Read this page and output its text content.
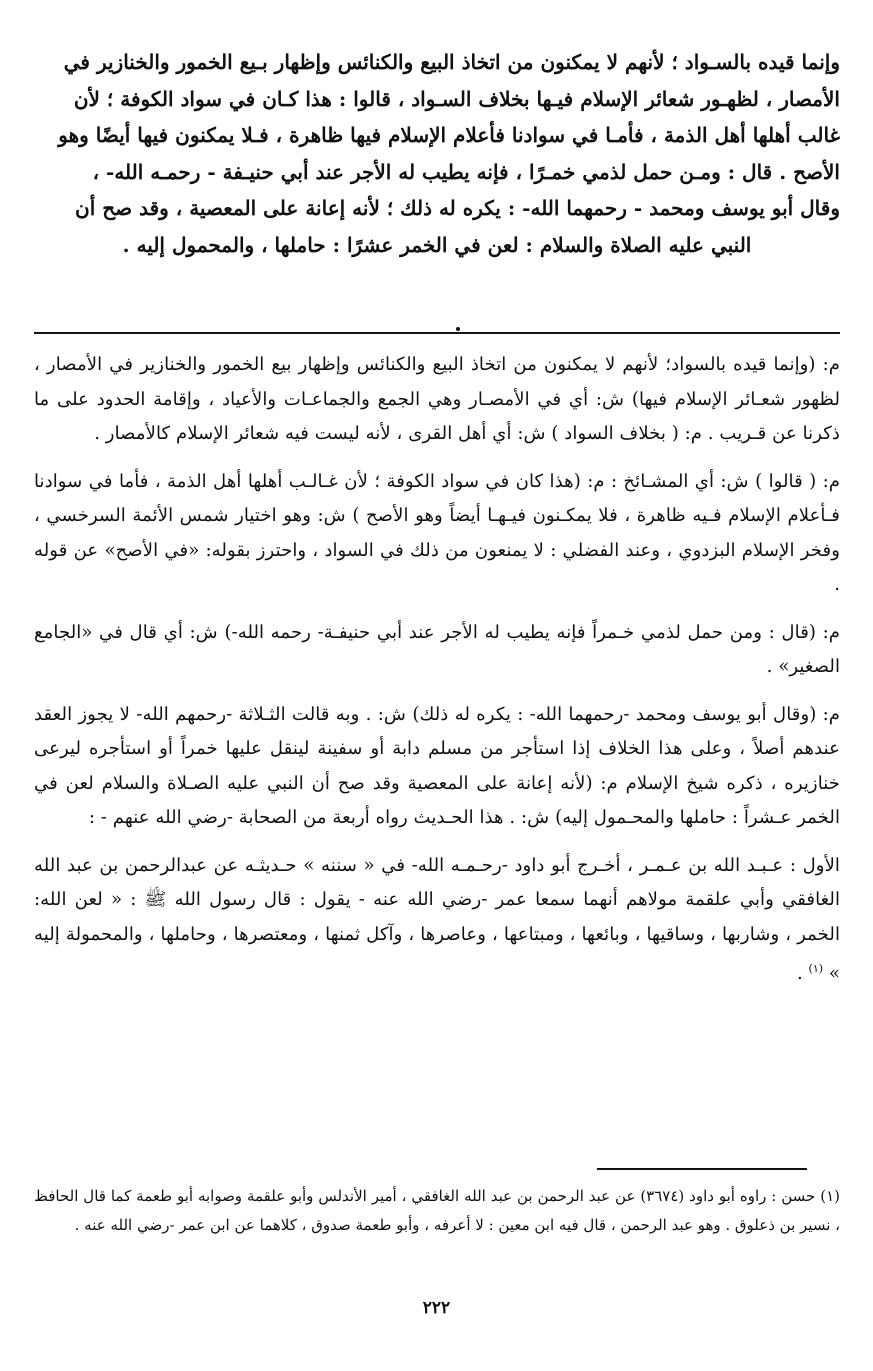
وإنما قيده بالسـواد ؛ لأنهم لا يمكنون من اتخاذ البيع والكنائس وإظهار بـيع الخمور والخنازير في

الأمصار ، لظهـور شعائر الإسلام فيـها بخلاف السـواد ، قالوا : هذا كـان في سواد الكوفة ؛ لأن

غالب أهلها أهل الذمة ، فأمـا في سوادنا فأعلام الإسلام فيها ظاهرة ، فـلا يمكنون فيها أيضًا وهو

الأصح . قال : ومـن حمل لذمي خمـرًا ، فإنه يطيب له الأجر عند أبي حنيـفة - رحمـه الله- ،

وقال أبو يوسف ومحمد - رحمهما الله- : يكره له ذلك ؛ لأنه إعانة على المعصية ، وقد صح أن

النبي عليه الصلاة والسلام : لعن في الخمر عشرًا : حاملها ، والمحمول إليه .

م: (وإنما قيده بالسواد؛ لأنهم لا يمكنون من اتخاذ البيع والكنائس وإظهار بيع الخمور والخنازير في الأمصار ، لظهور شعـائر الإسلام فيها) ش: أي في الأمصـار وهي الجمع والجماعـات والأعياد ، وإقامة الحدود على ما ذكرنا عن قـريب . م: ( بخلاف السواد ) ش: أي أهل القرى ، لأنه ليست فيه شعائر الإسلام كالأمصار .

م: ( قالوا ) ش: أي المشـائخ : م: (هذا كان في سواد الكوفة ؛ لأن غـالـب أهلها أهل الذمة ، فأما في سوادنا فـأعلام الإسلام فـيه ظاهرة ، فلا يمكـنون فيـهـا أيضاً وهو الأصح ) ش: وهو اختيار شمس الأئمة السرخسي ، وفخر الإسلام البزدوي ، وعند الفضلي : لا يمنعون من ذلك في السواد ، واحترز بقوله: «في الأصح» عن قوله .

م: (قال : ومن حمل لذمي خـمراً فإنه يطيب له الأجر عند أبي حنيفـة- رحمه الله-) ش: أي قال في «الجامع الصغير» .

م: (وقال أبو يوسف ومحمد -رحمهما الله- : يكره له ذلك) ش: . وبه قالت الثـلاثة -رحمهم الله- لا يجوز العقد عندهم أصلاً ، وعلى هذا الخلاف إذا استأجر من مسلم دابة أو سفينة لينقل عليها خمراً أو استأجره ليرعى خنازيره ، ذكره شيخ الإسلام م: (لأنه إعانة على المعصية وقد صح أن النبي عليه الصـلاة والسلام لعن في الخمر عـشراً : حاملها والمحـمول إليه) ش: . هذا الحـديث رواه أربعة من الصحابة -رضي الله عنهم - :

الأول : عـبـد الله بن عـمـر ، أخـرج أبو داود -رحـمـه الله- في « سننه » حـديثـه عن عبدالرحمن بن عبد الله الغافقي وأبي علقمة مولاهم أنهما سمعا عمر -رضي الله عنه - يقول : قال رسول الله ﷺ : « لعن الله: الخمر ، وشاربها ، وساقيها ، وبائعها ، ومبتاعها ، وعاصرها ، وآكل ثمنها ، ومعتصرها ، وحاملها ، والمحمولة إليه » $^{(١)}$ .

(١) حسن : راوه أبو داود (٣٦٧٤) عن عبد الرحمن بن عبد الله الغافقي ، أمير الأندلس وأبو علقمة وصوابه أبو طعمة كما قال الحافظ ، نسير بن ذعلوق . وهو عبد الرحمن ، قال فيه ابن معين : لا أعرفه ، وأبو طعمة صدوق ، كلاهما عن ابن عمر -رضي الله عنه .

٢٢٢
